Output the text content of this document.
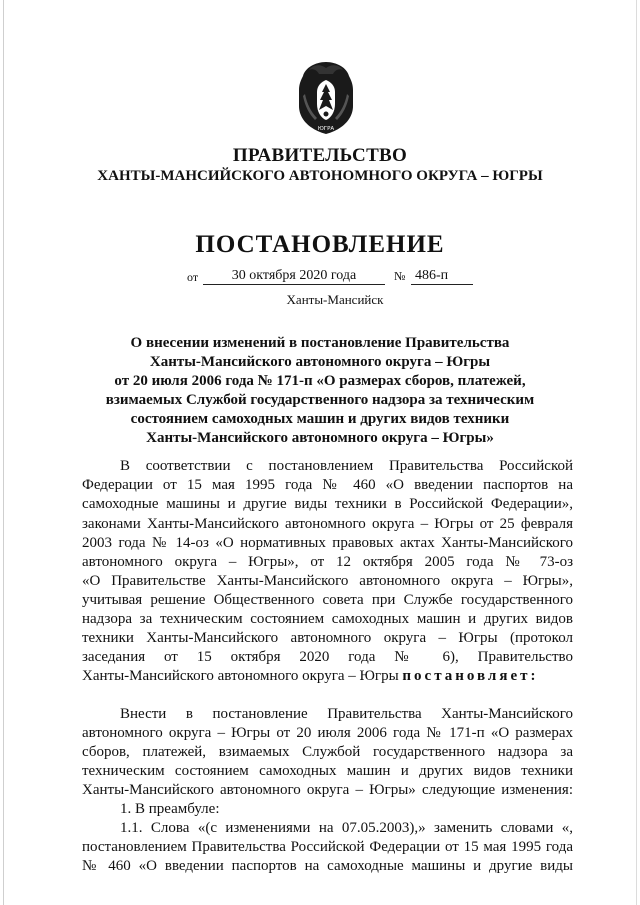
ЮГРА
ПРАВИТЕЛЬСТВО
ХАНТЫ-МАНСИЙСКОГО АВТОНОМНОГО ОКРУГА – ЮГРЫ
ПОСТАНОВЛЕНИЕ
от	30 октября 2020 года	№ 486-п
Ханты-Мансийск
О внесении изменений в постановление Правительства
Ханты-Мансийского автономного округа – Югры
от 20 июля 2006 года № 171-п «О размерах сборов, платежей,
взимаемых Службой государственного надзора за техническим
состоянием самоходных машин и других видов техники
Ханты-Мансийского автономного округа – Югры»
В соответствии с постановлением Правительства Российской
Федерации от 15 мая 1995 года № 460 «О введении паспортов на
самоходные машины и другие виды техники в Российской Федерации»,
законами Ханты-Мансийского автономного округа – Югры от 25 февраля
2003 года № 14-оз «О нормативных правовых актах Ханты-Мансийского
автономного округа – Югры», от 12 октября 2005 года № 73-оз
«О Правительстве Ханты-Мансийского автономного округа – Югры»,
учитывая решение Общественного совета при Службе государственного
надзора за техническим состоянием самоходных машин и других видов
техники Ханты-Мансийского автономного округа – Югры (протокол
заседания от 15 октября 2020 года № 6), Правительство
Ханты-Мансийского автономного округа – Югры постановляет:
Внести в постановление Правительства Ханты-Мансийского
автономного округа – Югры от 20 июля 2006 года № 171-п «О размерах
сборов, платежей, взимаемых Службой государственного надзора за
техническим состоянием самоходных машин и других видов техники
Ханты-Мансийского автономного округа – Югры» следующие изменения:
1. В преамбуле:
1.1. Слова «(с изменениями на 07.05.2003),» заменить словами «,
постановлением Правительства Российской Федерации от 15 мая 1995 года
№ 460 «О введении паспортов на самоходные машины и другие виды
